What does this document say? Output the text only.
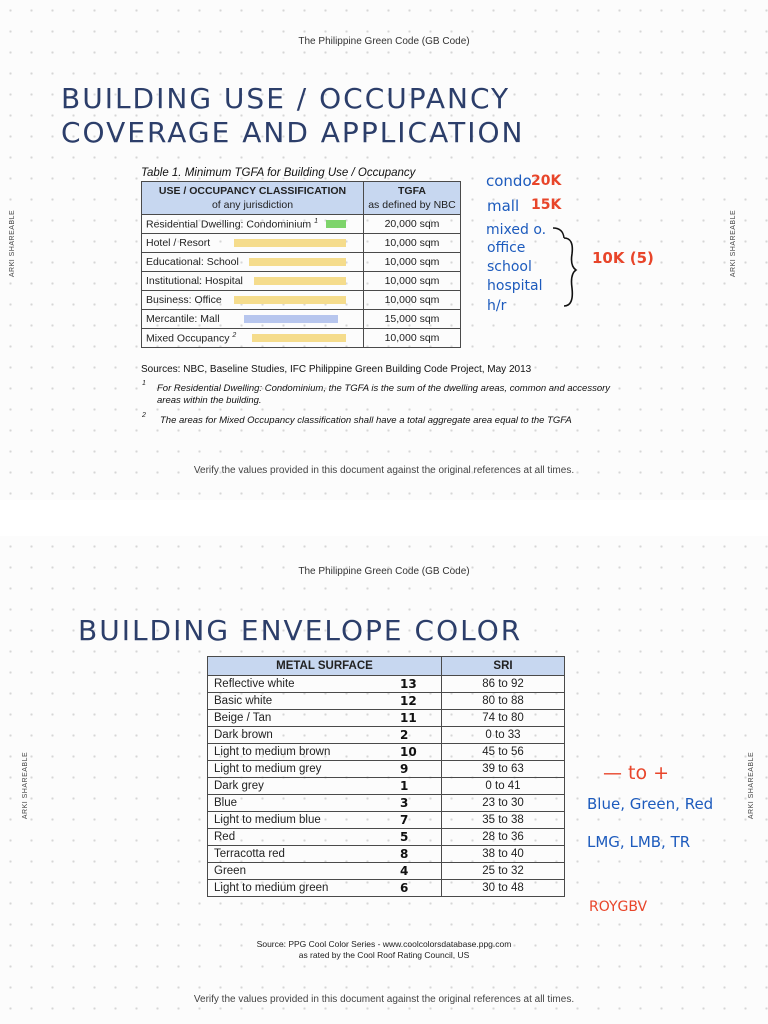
The Philippine Green Code (GB Code)
ARKI SHAREABLE	ARKI SHAREABLE
BUILDING USE / OCCUPANCY
COVERAGE AND APPLICATION
Table 1. Minimum TGFA for Building Use / Occupancy
USE / OCCUPANCY CLASSIFICATION
of any jurisdiction	TGFA
as defined by NBC
Residential Dwelling: Condominium $^1$	20,000 sqm
Hotel / Resort	10,000 sqm
Educational: School	10,000 sqm
Institutional: Hospital	10,000 sqm
Business: Office	10,000 sqm
Mercantile: Mall	15,000 sqm
Mixed Occupancy $^2$	10,000 sqm
Sources: NBC, Baseline Studies, IFC Philippine Green Building Code Project, May 2013
1 For Residential Dwelling: Condominium, the TGFA is the sum of the dwelling areas, common and accessory areas within the building.
2 The areas for Mixed Occupancy classification shall have a total aggregate area equal to the TGFA
condo 20K
mall 15K
mixed o.
office
school
hospital
h/r
10K (5)
Verify the values provided in this document against the original references at all times.
The Philippine Green Code (GB Code)
ARKI SHAREABLE	ARKI SHAREABLE
BUILDING ENVELOPE COLOR
METAL SURFACE	SRI
Reflective white 13	86 to 92
Basic white 12	80 to 88
Beige / Tan 11	74 to 80
Dark brown 2	0 to 33
Light to medium brown 10	45 to 56
Light to medium grey 9	39 to 63
Dark grey 1	0 to 41
Blue 3	23 to 30
Light to medium blue 7	35 to 38
Red 5	28 to 36
Terracotta red 8	38 to 40
Green 4	25 to 32
Light to medium green 6	30 to 48
Source: PPG Cool Color Series - www.coolcolorsdatabase.ppg.com
as rated by the Cool Roof Rating Council, US
— to +
Blue, Green, Red
LMG, LMB, TR
ROYGBV
Verify the values provided in this document against the original references at all times.
